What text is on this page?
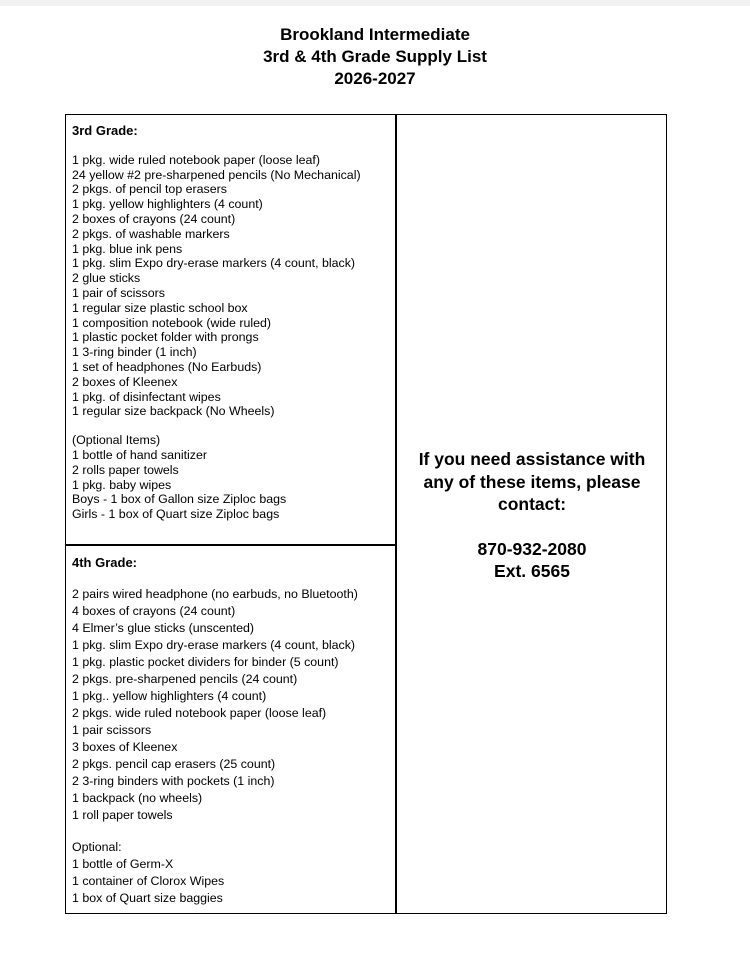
Brookland Intermediate
3rd & 4th Grade Supply List
2026-2027
3rd Grade:
1 pkg. wide ruled notebook paper (loose leaf)
24 yellow #2 pre-sharpened pencils (No Mechanical)
2 pkgs. of pencil top erasers
1 pkg. yellow highlighters (4 count)
2 boxes of crayons (24 count)
2 pkgs. of washable markers
1 pkg. blue ink pens
1 pkg. slim Expo dry-erase markers (4 count, black)
2 glue sticks
1 pair of scissors
1 regular size plastic school box
1 composition notebook (wide ruled)
1 plastic pocket folder with prongs
1 3-ring binder (1 inch)
1 set of headphones (No Earbuds)
2 boxes of Kleenex
1 pkg. of disinfectant wipes
1 regular size backpack (No Wheels)
(Optional Items)
1 bottle of hand sanitizer
2 rolls paper towels
1 pkg. baby wipes
Boys - 1 box of Gallon size Ziploc bags
Girls - 1 box of Quart size Ziploc bags
4th Grade:
2 pairs wired headphone (no earbuds, no Bluetooth)
4 boxes of crayons (24 count)
4 Elmer’s glue sticks (unscented)
1 pkg. slim Expo dry-erase markers (4 count, black)
1 pkg. plastic pocket dividers for binder (5 count)
2 pkgs. pre-sharpened pencils (24 count)
1 pkg.. yellow highlighters (4 count)
2 pkgs. wide ruled notebook paper (loose leaf)
1 pair scissors
3 boxes of Kleenex
2 pkgs. pencil cap erasers (25 count)
2 3-ring binders with pockets (1 inch)
1 backpack (no wheels)
1 roll paper towels
Optional:
1 bottle of Germ-X
1 container of Clorox Wipes
1 box of Quart size baggies
If you need assistance with
any of these items, please
contact:
870-932-2080
Ext. 6565
